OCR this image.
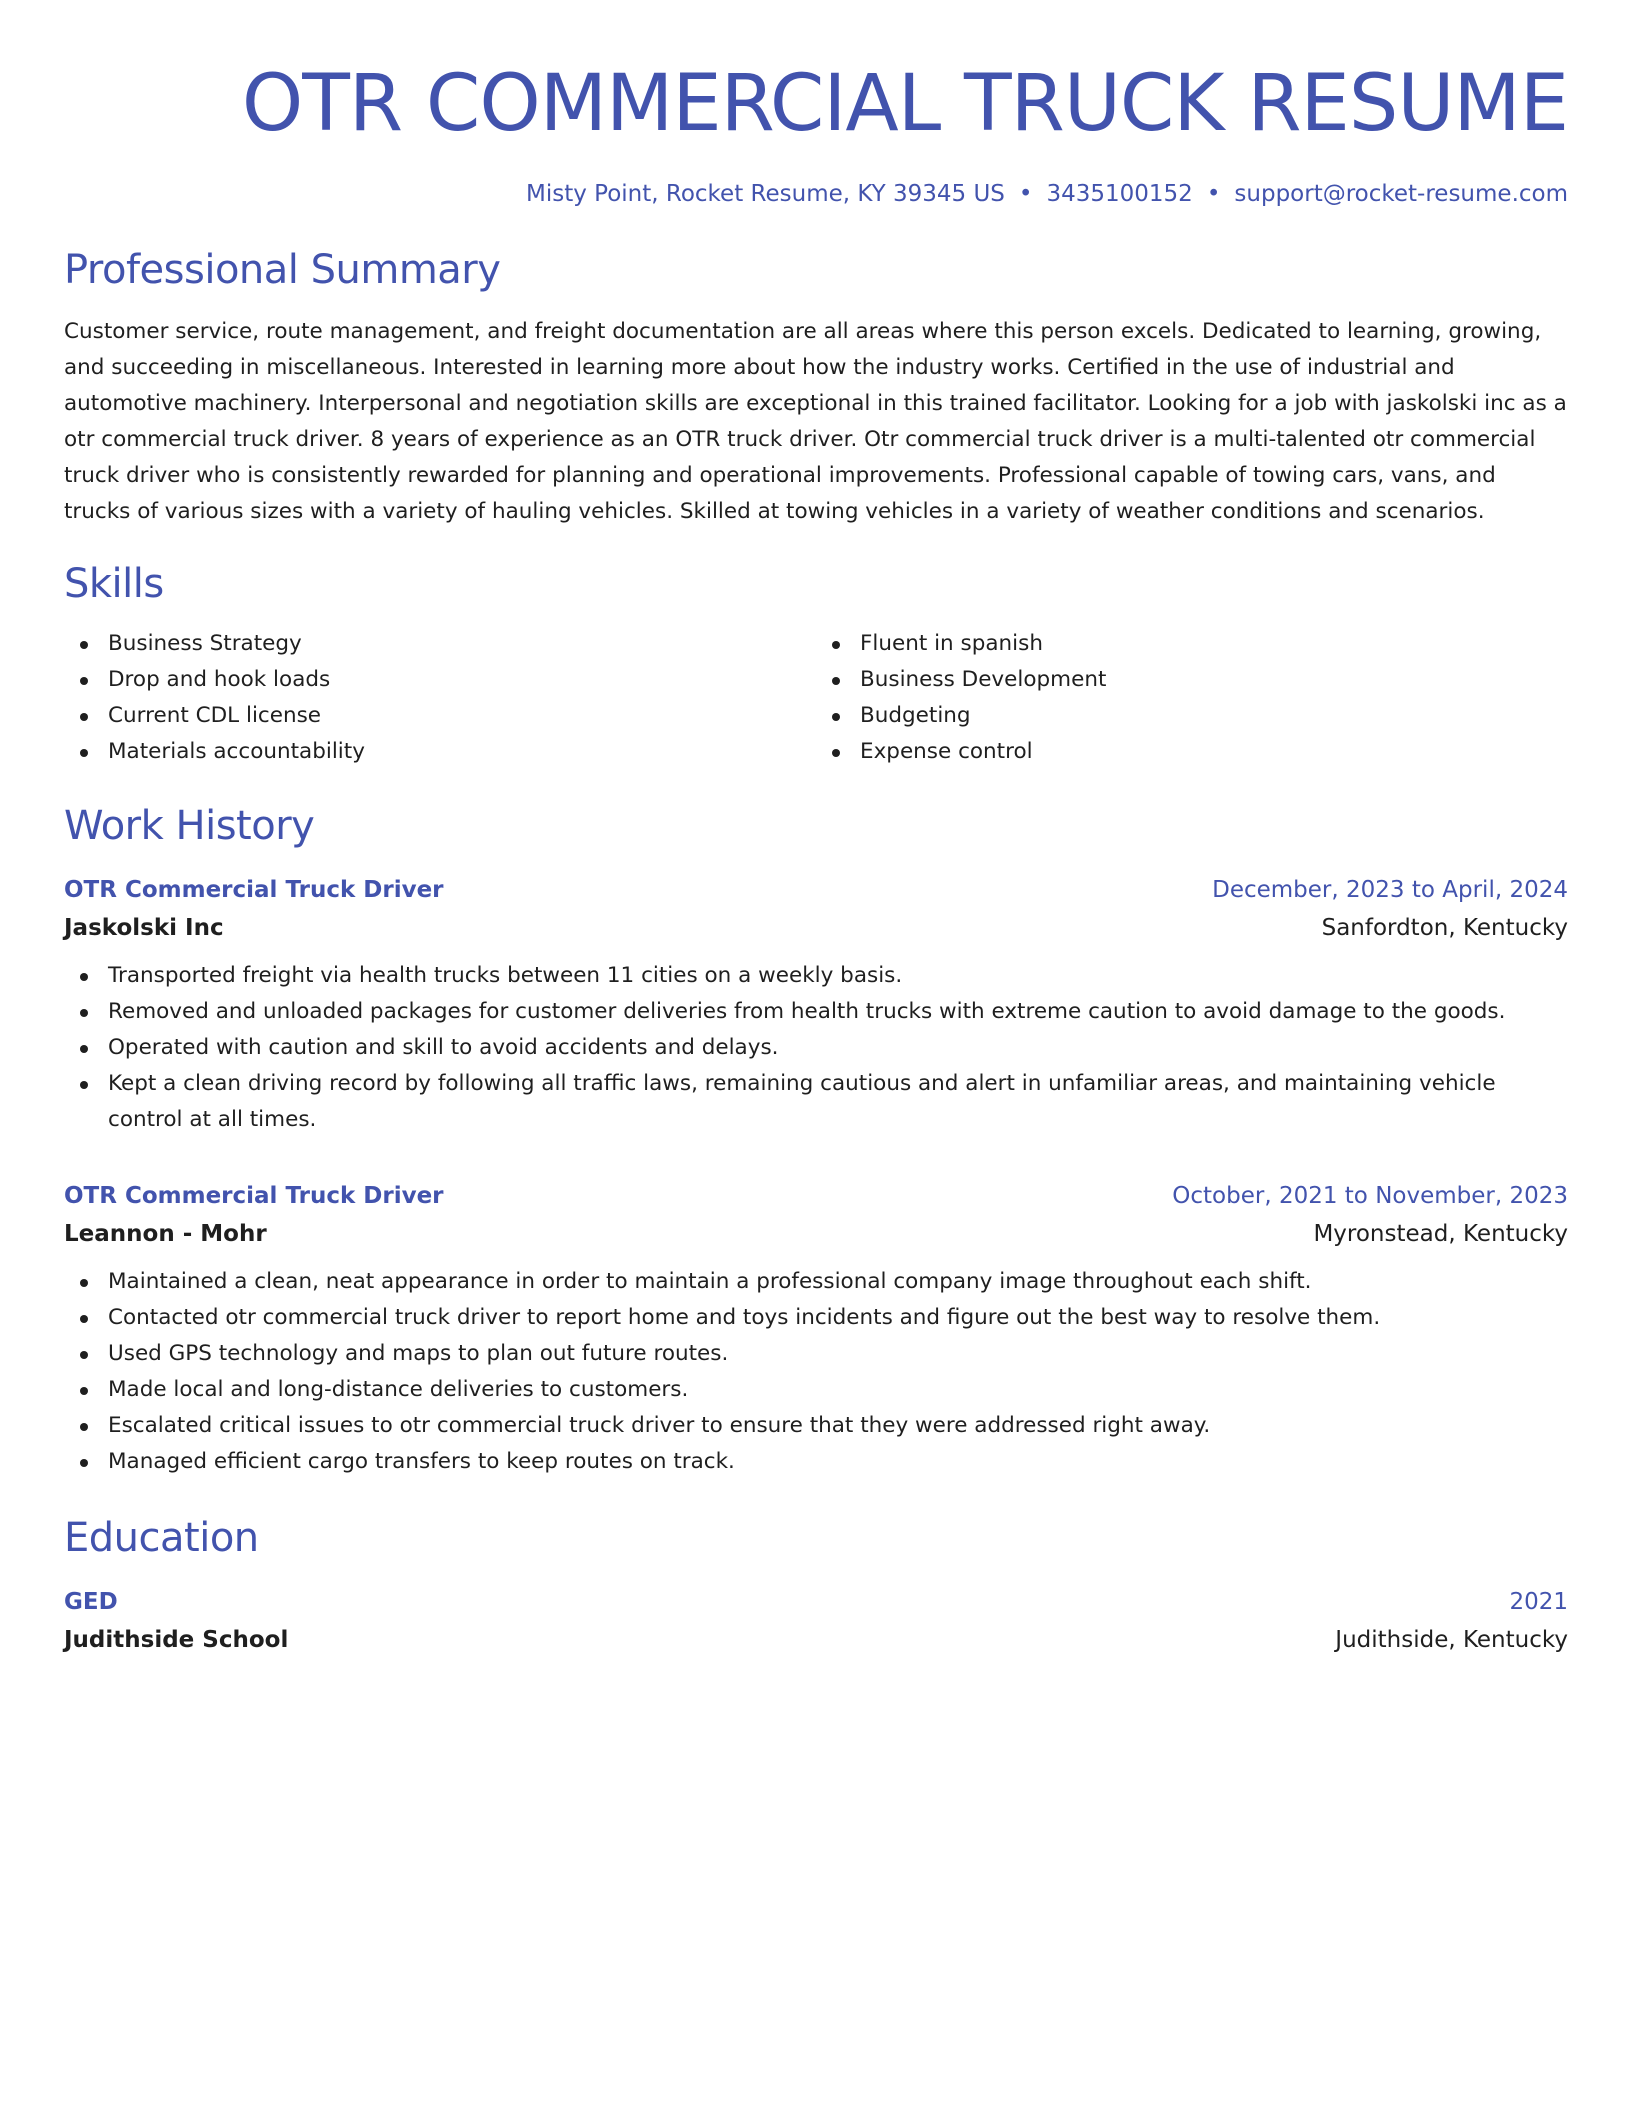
OTR COMMERCIAL TRUCK RESUME
Misty Point, Rocket Resume, KY 39345 US • 3435100152 • support@rocket-resume.com
Professional Summary

Customer service, route management, and freight documentation are all areas where this person excels. Dedicated to learning, growing, and succeeding in miscellaneous. Interested in learning more about how the industry works. Certified in the use of industrial and automotive machinery. Interpersonal and negotiation skills are exceptional in this trained facilitator. Looking for a job with jaskolski inc as a otr commercial truck driver. 8 years of experience as an OTR truck driver. Otr commercial truck driver is a multi-talented otr commercial truck driver who is consistently rewarded for planning and operational improvements. Professional capable of towing cars, vans, and trucks of various sizes with a variety of hauling vehicles. Skilled at towing vehicles in a variety of weather conditions and scenarios.

Skills
Business Strategy
Drop and hook loads
Current CDL license
Materials accountability
Fluent in spanish
Business Development
Budgeting
Expense control
Work History
OTR Commercial Truck Driver	December, 2023 to April, 2024
Jaskolski Inc	Sanfordton, Kentucky
Transported freight via health trucks between 11 cities on a weekly basis.
Removed and unloaded packages for customer deliveries from health trucks with extreme caution to avoid damage to the goods.
Operated with caution and skill to avoid accidents and delays.
Kept a clean driving record by following all traffic laws, remaining cautious and alert in unfamiliar areas, and maintaining vehicle control at all times.
OTR Commercial Truck Driver	October, 2021 to November, 2023
Leannon - Mohr	Myronstead, Kentucky
Maintained a clean, neat appearance in order to maintain a professional company image throughout each shift.
Contacted otr commercial truck driver to report home and toys incidents and figure out the best way to resolve them.
Used GPS technology and maps to plan out future routes.
Made local and long-distance deliveries to customers.
Escalated critical issues to otr commercial truck driver to ensure that they were addressed right away.
Managed efficient cargo transfers to keep routes on track.
Education
GED	2021
Judithside School	Judithside, Kentucky
